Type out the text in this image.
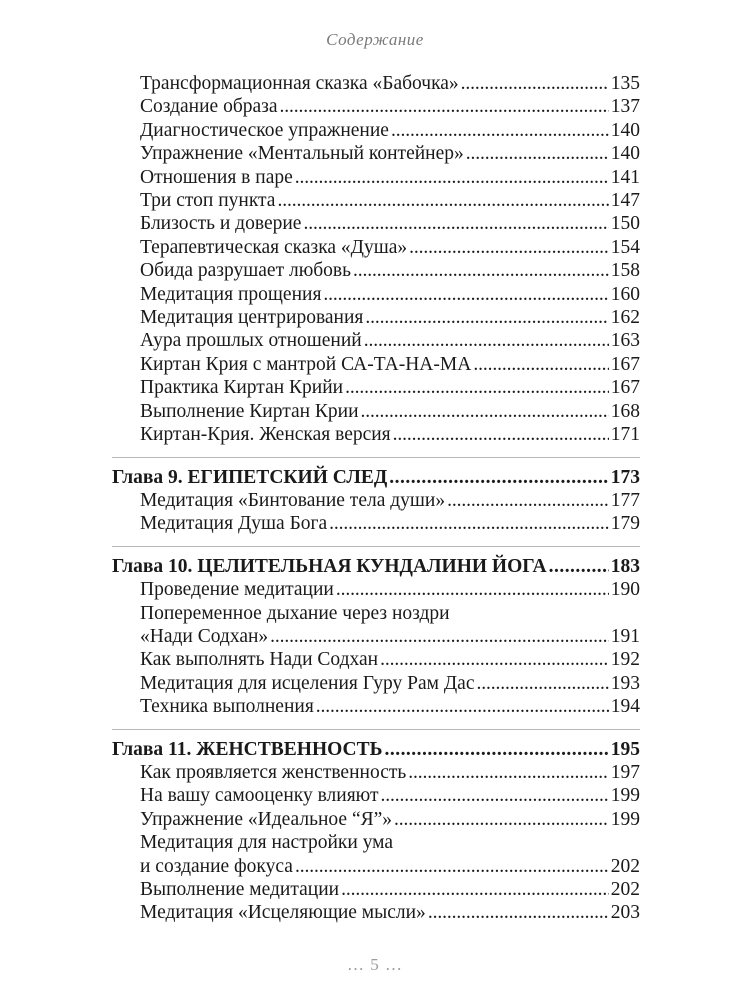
Содержание
Трансформационная сказка «Бабочка» . . .	135
Создание образа . . .	137
Диагностическое упражнение . . .	140
Упражнение «Ментальный контейнер» . . .	140
Отношения в паре . . .	141
Три стоп пункта . . .	147
Близость и доверие . . .	150
Терапевтическая сказка «Душа» . . .	154
Обида разрушает любовь . . .	158
Медитация прощения . . .	160
Медитация центрирования . . .	162
Аура прошлых отношений . . .	163
Киртан Крия с мантрой СА-ТА-НА-МА . . .	167
Практика Киртан Крийи . . .	167
Выполнение Киртан Крии . . .	168
Киртан-Крия. Женская версия . . .	171
Глава 9. ЕГИПЕТСКИЙ СЛЕД . . .	173
Медитация «Бинтование тела души» . . .	177
Медитация Душа Бога . . .	179
Глава 10. ЦЕЛИТЕЛЬНАЯ КУНДАЛИНИ ЙОГА . . .	183
Проведение медитации . . .	190
Попеременное дыхание через ноздри
«Нади Содхан» . . .	191
Как выполнять Нади Содхан . . .	192
Медитация для исцеления Гуру Рам Дас . . .	193
Техника выполнения . . .	194
Глава 11. ЖЕНСТВЕННОСТЬ . . .	195
Как проявляется женственность . . .	197
На вашу самооценку влияют . . .	199
Упражнение «Идеальное “Я”» . . .	199
Медитация для настройки ума
и создание фокуса . . .	202
Выполнение медитации . . .	202
Медитация «Исцеляющие мысли» . . .	203
… 5 …
